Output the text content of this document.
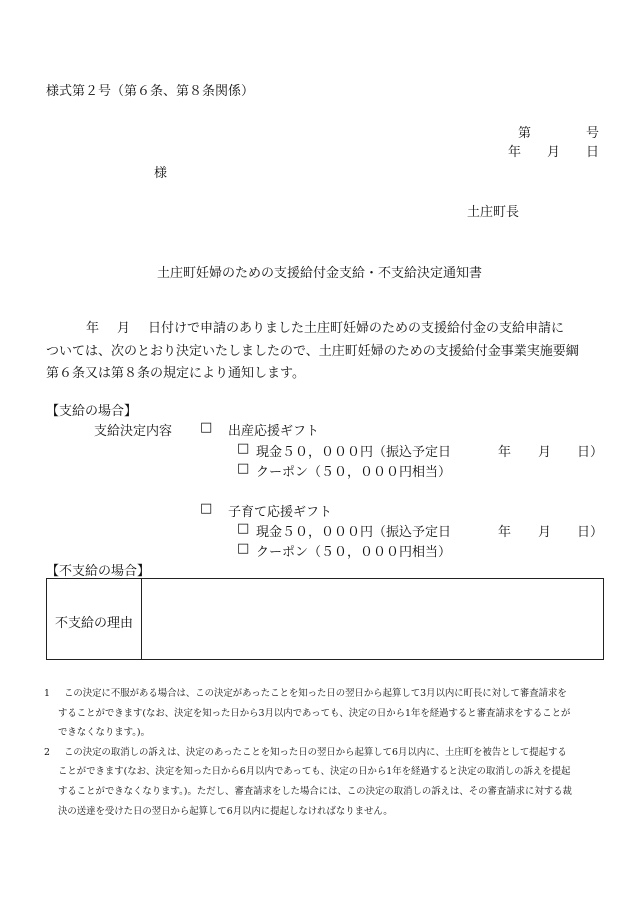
様式第２号（第６条、第８条関係）
第	号
年 月 日
様
土庄町長
土庄町妊婦のための支援給付金支給・不支給決定通知書

年 月 日付けで申請のありました土庄町妊婦のための支援給付金の支給申請に

ついては、次のとおり決定いたしましたので、土庄町妊婦のための支援給付金事業実施要綱

第６条又は第８条の規定により通知します。

【支給の場合】
支給決定内容 □ 出産応援ギフト
□ 現金５０，０００円（振込予定日	年 月 日）
□ クーポン（５０，０００円相当）
□ 子育て応援ギフト
□ 現金５０，０００円（振込予定日	年 月 日）
□ クーポン（５０，０００円相当）
【不支給の場合】
不支給の理由
1	この決定に不服がある場合は、この決定があったことを知った日の翌日から起算して3月以内に町長に対して審査請求を
することができます(なお、決定を知った日から3月以内であっても、決定の日から1年を経過すると審査請求をすることが
できなくなります。)。
2	この決定の取消しの訴えは、決定のあったことを知った日の翌日から起算して6月以内に、土庄町を被告として提起する
ことができます(なお、決定を知った日から6月以内であっても、決定の日から1年を経過すると決定の取消しの訴えを提起
することができなくなります。)。ただし、審査請求をした場合には、この決定の取消しの訴えは、その審査請求に対する裁
決の送達を受けた日の翌日から起算して6月以内に提起しなければなりません。
